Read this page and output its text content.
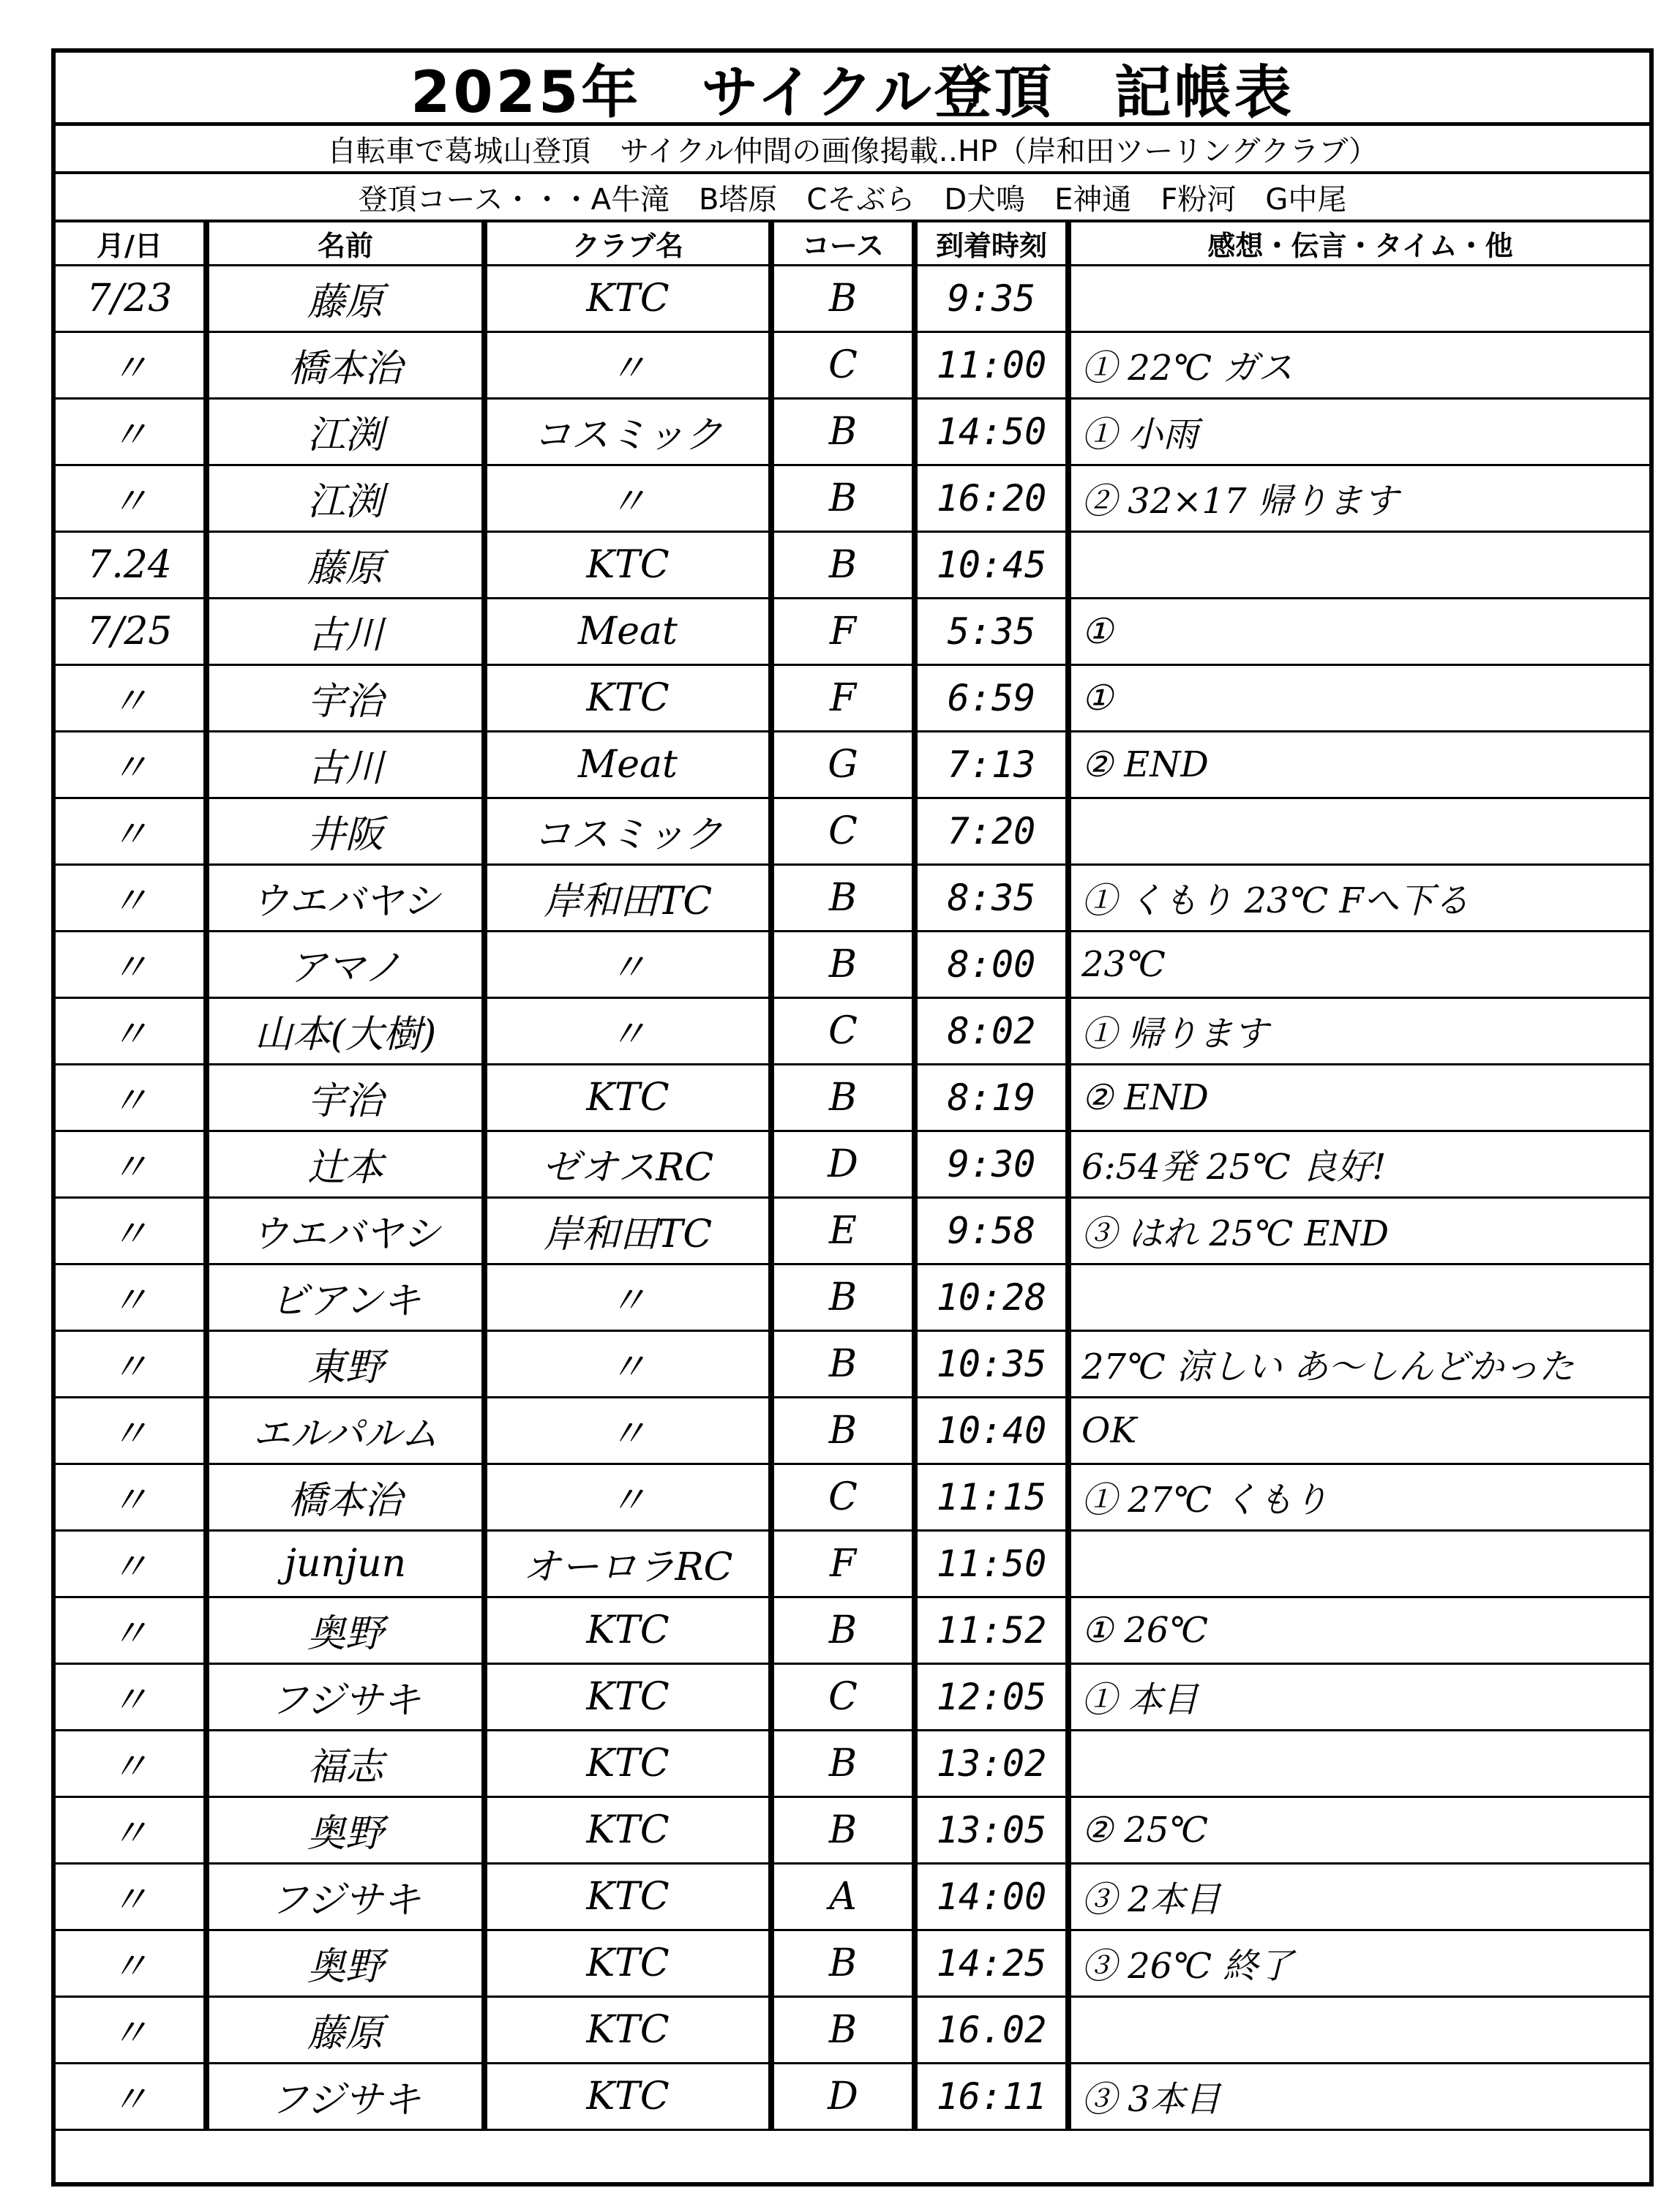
2025年　サイクル登頂　記帳表
自転車で葛城山登頂　サイクル仲間の画像掲載‥HP（岸和田ツーリングクラブ）
登頂コース・・・A牛滝　B塔原　Cそぶら　D犬鳴　E神通　F粉河　G中尾
月/日	名前	クラブ名	コース	到着時刻	感想・伝言・タイム・他
7/23	藤原	KTC	B	9:35	
〃	橋本治	〃	C	11:00	① 22℃ ガス
〃	江渕	コスミック	B	14:50	① 小雨
〃	江渕	〃	B	16:20	② 32×17 帰ります
7.24	藤原	KTC	B	10:45	
7/25	古川	Meat	F	5:35	①
〃	宇治	KTC	F	6:59	①
〃	古川	Meat	G	7:13	② END
〃	井阪	コスミック	C	7:20	
〃	ウエバヤシ	岸和田TC	B	8:35	① くもり 23℃ Fへ下る
〃	アマノ	〃	B	8:00	23℃
〃	山本(大樹)	〃	C	8:02	① 帰ります
〃	宇治	KTC	B	8:19	② END
〃	辻本	ゼオスRC	D	9:30	6:54発 25℃ 良好!
〃	ウエバヤシ	岸和田TC	E	9:58	③ はれ 25℃ END
〃	ビアンキ	〃	B	10:28	
〃	東野	〃	B	10:35	27℃ 涼しい あ〜しんどかった
〃	エルパルム	〃	B	10:40	OK
〃	橋本治	〃	C	11:15	① 27℃ くもり
〃	junjun	オーロラRC	F	11:50	
〃	奥野	KTC	B	11:52	① 26℃
〃	フジサキ	KTC	C	12:05	① 本目
〃	福志	KTC	B	13:02	
〃	奥野	KTC	B	13:05	② 25℃
〃	フジサキ	KTC	A	14:00	③ 2本目
〃	奥野	KTC	B	14:25	③ 26℃ 終了
〃	藤原	KTC	B	16.02	
〃	フジサキ	KTC	D	16:11	③ 3本目
